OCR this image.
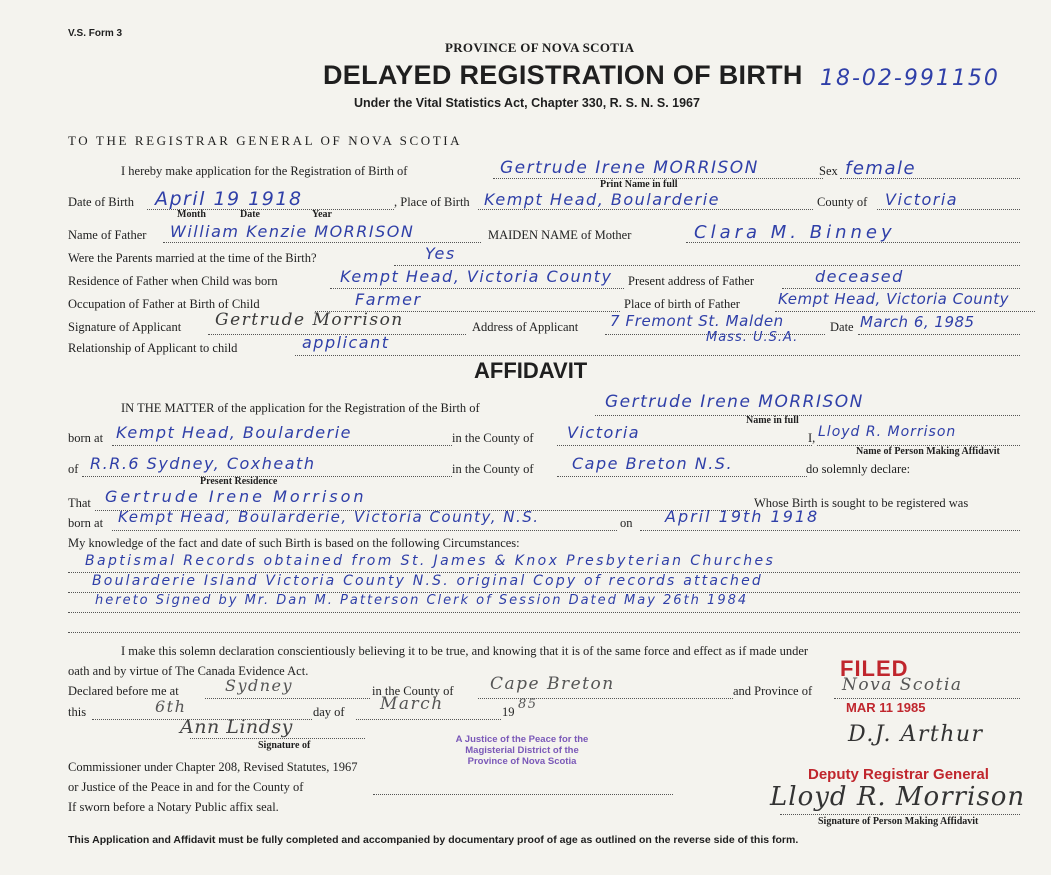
V.S. Form 3
PROVINCE OF NOVA SCOTIA
DELAYED REGISTRATION OF BIRTH 18-02-991150
Under the Vital Statistics Act, Chapter 330, R. S. N. S. 1967
TO THE REGISTRAR GENERAL OF NOVA SCOTIA
I hereby make application for the Registration of Birth of	Gertrude Irene MORRISON	Sex female
Print Name in full
Date of Birth April 19 1918
Month	Date	Year
, Place of Birth Kempt Head, Boularderie	County of Victoria
Name of Father William Kenzie MORRISON	MAIDEN NAME of Mother	Clara M. Binney
Were the Parents married at the time of the Birth?	Yes
Residence of Father when Child was born	Kempt Head, Victoria County Present address of Father	deceased
Occupation of Father at Birth of Child	Farmer	Place of birth of Father	Kempt Head, Victoria County
Signature of Applicant Gertrude Morrison	Address of Applicant 7 Fremont St. Malden
Mass. U.S.A.
Date March 6, 1985
Relationship of Applicant to child	applicant
AFFIDAVIT
IN THE MATTER of the application for the Registration of the Birth of	Gertrude Irene MORRISON
Name in full
born at Kempt Head, Boularderie	in the County of Victoria	I, Lloyd R. Morrison
Name of Person Making Affidavit
of R.R.6 Sydney, Coxheath
Present Residence
in the County of Cape Breton N.S.	do solemnly declare:
That Gertrude Irene Morrison	Whose Birth is sought to be registered was
born at Kempt Head, Boularderie, Victoria County, N.S.	on April 19th 1918
My knowledge of the fact and date of such Birth is based on the following Circumstances:
Baptismal Records obtained from St. James & Knox Presbyterian Churches
Boularderie Island Victoria County N.S. original Copy of records attached
hereto Signed by Mr. Dan M. Patterson Clerk of Session Dated May 26th 1984
I make this solemn declaration conscientiously believing it to be true, and knowing that it is of the same force and effect as if made under
oath and by virtue of The Canada Evidence Act.
Declared before me at	Sydney	in the County of Cape Breton	and Province of Nova Scotia
this	6th	day of March	19 85
Ann Lindsy
Signature of
Commissioner under Chapter 208, Revised Statutes, 1967
or Justice of the Peace in and for the County of
If sworn before a Notary Public affix seal.	Lloyd R. Morrison
Signature of Person Making Affidavit
FILED
MAR 11 1985
D.J. Arthur
Deputy Registrar General
A Justice of the Peace for the
Magisterial District of the
Province of Nova Scotia
This Application and Affidavit must be fully completed and accompanied by documentary proof of age as outlined on the reverse side of this form.
